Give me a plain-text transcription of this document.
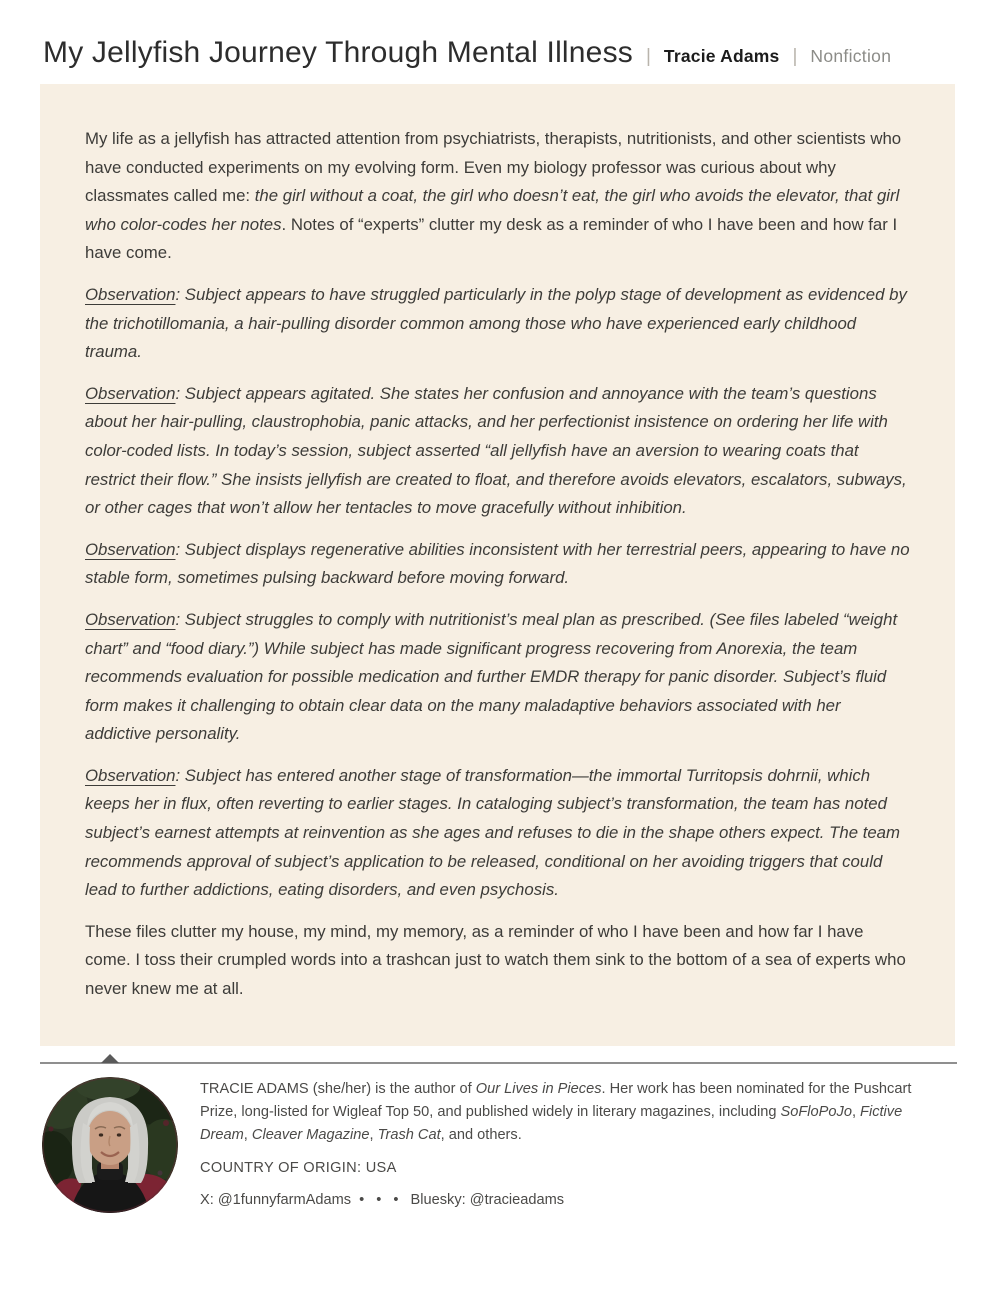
My Jellyfish Journey Through Mental Illness | Tracie Adams | Nonfiction

My life as a jellyfish has attracted attention from psychiatrists, therapists, nutritionists, and other scientists who have conducted experiments on my evolving form. Even my biology professor was curious about why classmates called me: the girl without a coat, the girl who doesn’t eat, the girl who avoids the elevator, that girl who color-codes her notes. Notes of “experts” clutter my desk as a reminder of who I have been and how far I have come.

Observation: Subject appears to have struggled particularly in the polyp stage of development as evidenced by the trichotillomania, a hair-pulling disorder common among those who have experienced early childhood trauma.

Observation: Subject appears agitated. She states her confusion and annoyance with the team’s questions about her hair-pulling, claustrophobia, panic attacks, and her perfectionist insistence on ordering her life with color-coded lists. In today’s session, subject asserted “all jellyfish have an aversion to wearing coats that restrict their flow.” She insists jellyfish are created to float, and therefore avoids elevators, escalators, subways, or other cages that won’t allow her tentacles to move gracefully without inhibition.

Observation: Subject displays regenerative abilities inconsistent with her terrestrial peers, appearing to have no stable form, sometimes pulsing backward before moving forward.

Observation: Subject struggles to comply with nutritionist’s meal plan as prescribed. (See files labeled “weight chart” and “food diary.”) While subject has made significant progress recovering from Anorexia, the team recommends evaluation for possible medication and further EMDR therapy for panic disorder. Subject’s fluid form makes it challenging to obtain clear data on the many maladaptive behaviors associated with her addictive personality.

Observation: Subject has entered another stage of transformation—the immortal Turritopsis dohrnii, which keeps her in flux, often reverting to earlier stages. In cataloging subject’s transformation, the team has noted subject’s earnest attempts at reinvention as she ages and refuses to die in the shape others expect. The team recommends approval of subject’s application to be released, conditional on her avoiding triggers that could lead to further addictions, eating disorders, and even psychosis.

These files clutter my house, my mind, my memory, as a reminder of who I have been and how far I have come. I toss their crumpled words into a trashcan just to watch them sink to the bottom of a sea of experts who never knew me at all.

TRACIE ADAMS (she/her) is the author of Our Lives in Pieces. Her work has been nominated for the Pushcart Prize, long-listed for Wigleaf Top 50, and published widely in literary magazines, including SoFloPoJo, Fictive Dream, Cleaver Magazine, Trash Cat, and others.

COUNTRY OF ORIGIN: USA

X: @1funnyfarmAdams • • • Bluesky: @tracieadams
